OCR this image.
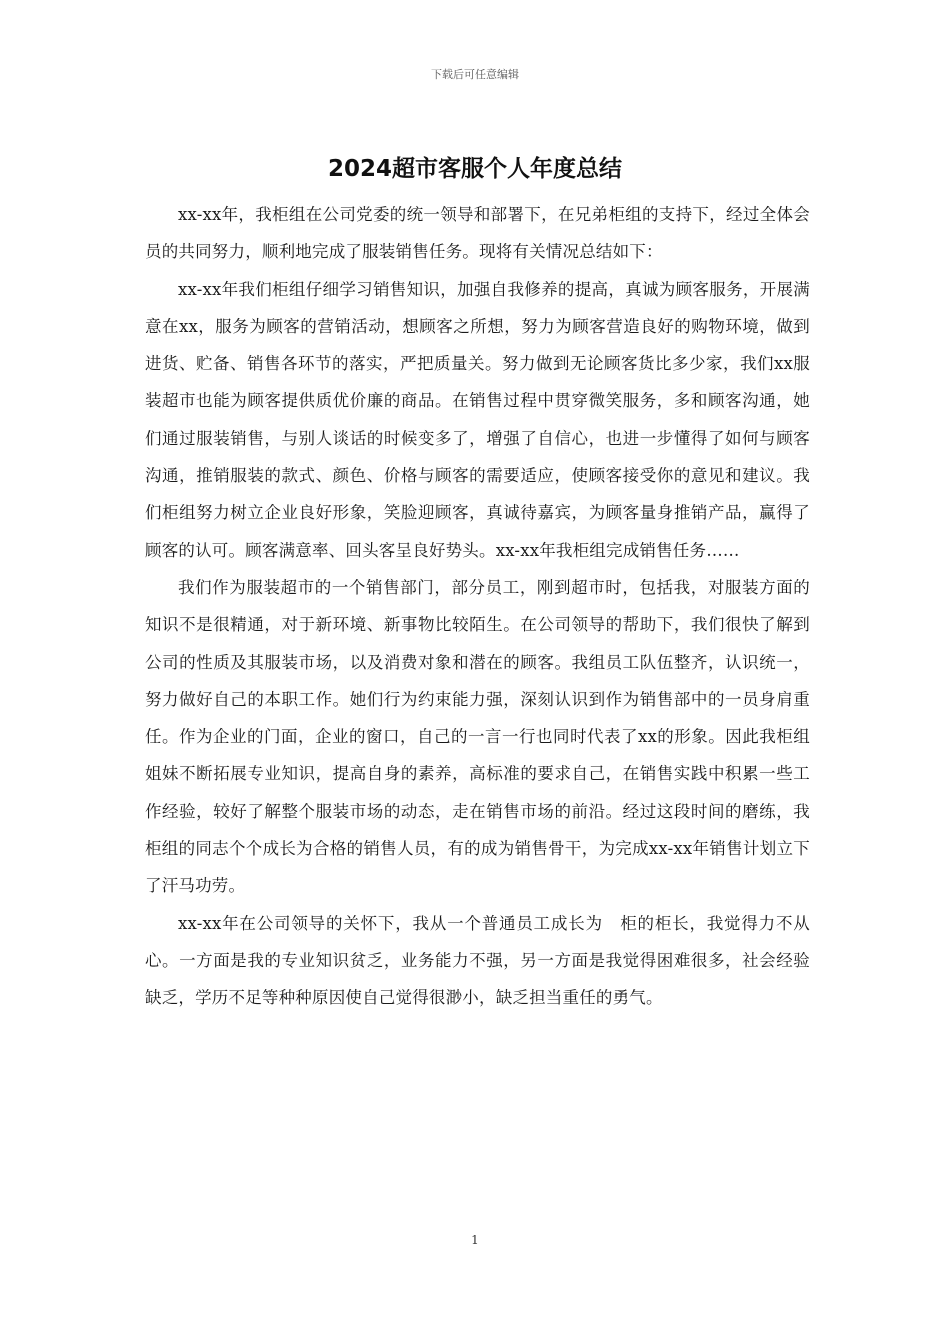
下载后可任意编辑
2024超市客服个人年度总结

xx-xx年，我柜组在公司党委的统一领导和部署下，在兄弟柜组的支持下，经过全体会员的共同努力，顺利地完成了服装销售任务。现将有关情况总结如下：

xx-xx年我们柜组仔细学习销售知识，加强自我修养的提高，真诚为顾客服务，开展满意在xx，服务为顾客的营销活动，想顾客之所想，努力为顾客营造良好的购物环境，做到进货、贮备、销售各环节的落实，严把质量关。努力做到无论顾客货比多少家，我们xx服装超市也能为顾客提供质优价廉的商品。在销售过程中贯穿微笑服务，多和顾客沟通，她们通过服装销售，与别人谈话的时候变多了，增强了自信心，也进一步懂得了如何与顾客沟通，推销服装的款式、颜色、价格与顾客的需要适应，使顾客接受你的意见和建议。我们柜组努力树立企业良好形象，笑脸迎顾客，真诚待嘉宾，为顾客量身推销产品，赢得了顾客的认可。顾客满意率、回头客呈良好势头。xx-xx年我柜组完成销售任务……

我们作为服装超市的一个销售部门，部分员工，刚到超市时，包括我，对服装方面的知识不是很精通，对于新环境、新事物比较陌生。在公司领导的帮助下，我们很快了解到公司的性质及其服装市场，以及消费对象和潜在的顾客。我组员工队伍整齐，认识统一，努力做好自己的本职工作。她们行为约束能力强，深刻认识到作为销售部中的一员身肩重任。作为企业的门面，企业的窗口，自己的一言一行也同时代表了xx的形象。因此我柜组姐妹不断拓展专业知识，提高自身的素养，高标准的要求自己，在销售实践中积累一些工作经验，较好了解整个服装市场的动态，走在销售市场的前沿。经过这段时间的磨练，我柜组的同志个个成长为合格的销售人员，有的成为销售骨干，为完成xx-xx年销售计划立下了汗马功劳。

xx-xx年在公司领导的关怀下，我从一个普通员工成长为　柜的柜长，我觉得力不从心。一方面是我的专业知识贫乏，业务能力不强，另一方面是我觉得困难很多，社会经验缺乏，学历不足等种种原因使自己觉得很渺小，缺乏担当重任的勇气。

1
